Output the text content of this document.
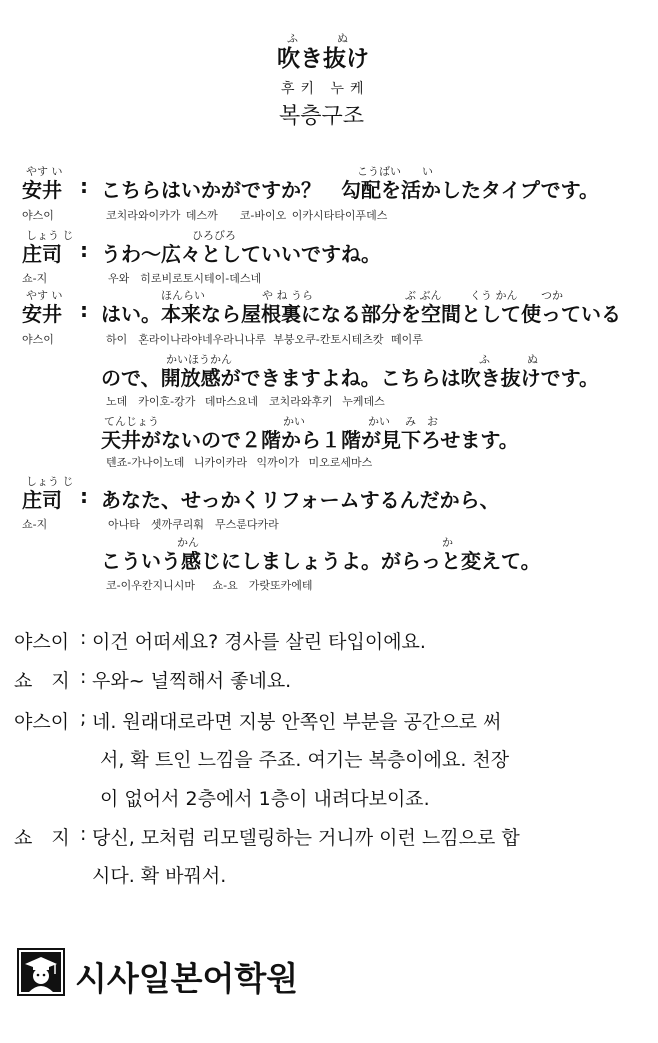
ふ	ぬ
吹き抜け
후키 누케
복층구조
やす い
安井 :
こうばい い
こちらはいかがですか？　勾配を活かしたタイプです。
야스이	코치라와이카가 데스까　　코-바이오 이카시타타이푸데스
しょう じ
庄司 :
ひろびろ
うわ～広々としていいですね。
쇼-지	우와　히로비로토시테이-데스네
やす い
安井 :
ほんらい	や ね うら	ぶ ぶん	くう かん つか
はい。本来なら屋根裏になる部分を空間として使っている
야스이	하이　혼라이나라야네우라니나루 부붕오쿠-칸토시테츠캇 떼이루
かいほうかん	ふ	ぬ
ので、開放感ができますよね。こちらは吹き抜けです。
노데　카이호-캉가 데마스요네　코치라와후키 누케데스
てんじょう	かい	かい み お
天井がないので２階から１階が見下ろせます。
텐죠-가나이노데 니카이카라 익까이가 미오로세마스
しょう じ
庄司 : あなた、せっかくリフォームするんだから、
쇼-지	아나타　셋까쿠리훠　무스룬다카라
かん	か
こういう感じにしましょうよ。がらっと変えて。
코-이우칸지니시마 쇼-요　가랏또카에테
야스이 : 이건 어떠세요? 경사를 살린 타입이에요.
쇼　지 : 우와~ 널찍해서 좋네요.
야스이 ; 네. 원래대로라면 지붕 안쪽인 부분을 공간으로 써
서, 확 트인 느낌을 주죠. 여기는 복층이에요. 천장
이 없어서 2층에서 1층이 내려다보이죠.
쇼　지 : 당신, 모처럼 리모델링하는 거니까 이런 느낌으로 합
시다. 확 바꿔서.
시사일본어학원
